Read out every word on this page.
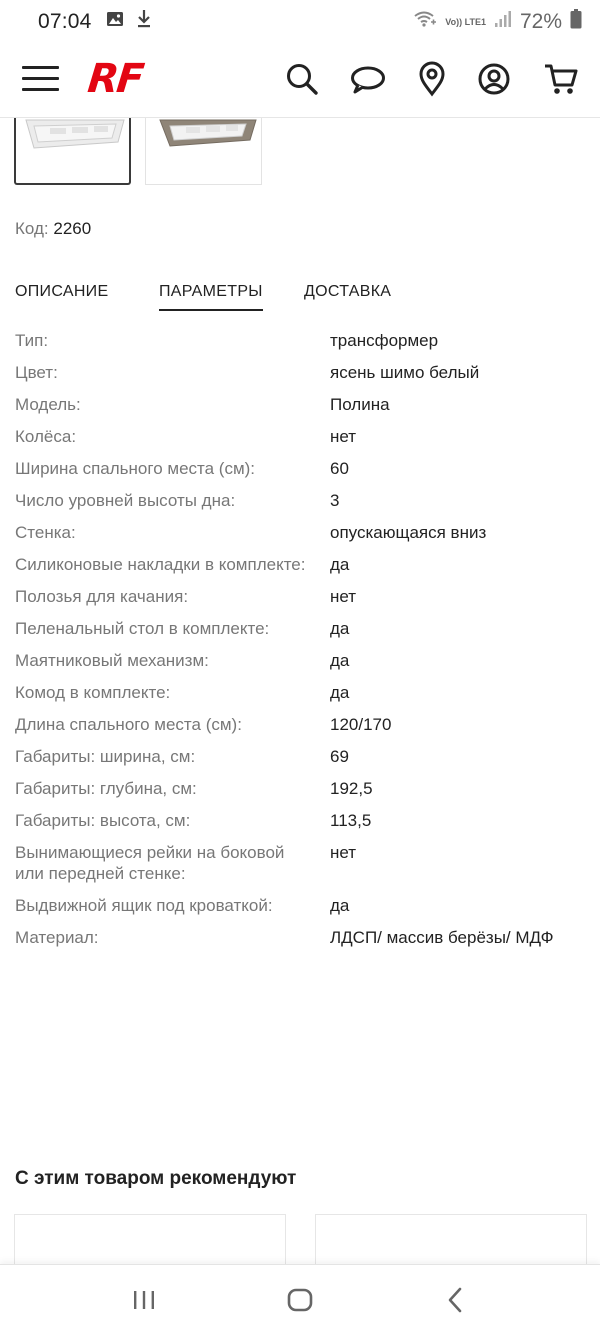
07:04	Vo)) LTE1 72%
RF
Код: 2260
ОПИСАНИЕ	ПАРАМЕТРЫ	ДОСТАВКА
Тип:	трансформер
Цвет:	ясень шимо белый
Модель:	Полина
Колёса:	нет
Ширина спального места (см):	60
Число уровней высоты дна:	3
Стенка:	опускающаяся вниз
Силиконовые накладки в комплекте:	да
Полозья для качания:	нет
Пеленальный стол в комплекте:	да
Маятниковый механизм:	да
Комод в комплекте:	да
Длина спального места (см):	120/170
Габариты: ширина, см:	69
Габариты: глубина, см:	192,5
Габариты: высота, см:	113,5
Вынимающиеся рейки на боковой или передней стенке:
нет
Выдвижной ящик под кроваткой:	да
Материал:	ЛДСП/ массив берёзы/ МДФ
С этим товаром рекомендуют
